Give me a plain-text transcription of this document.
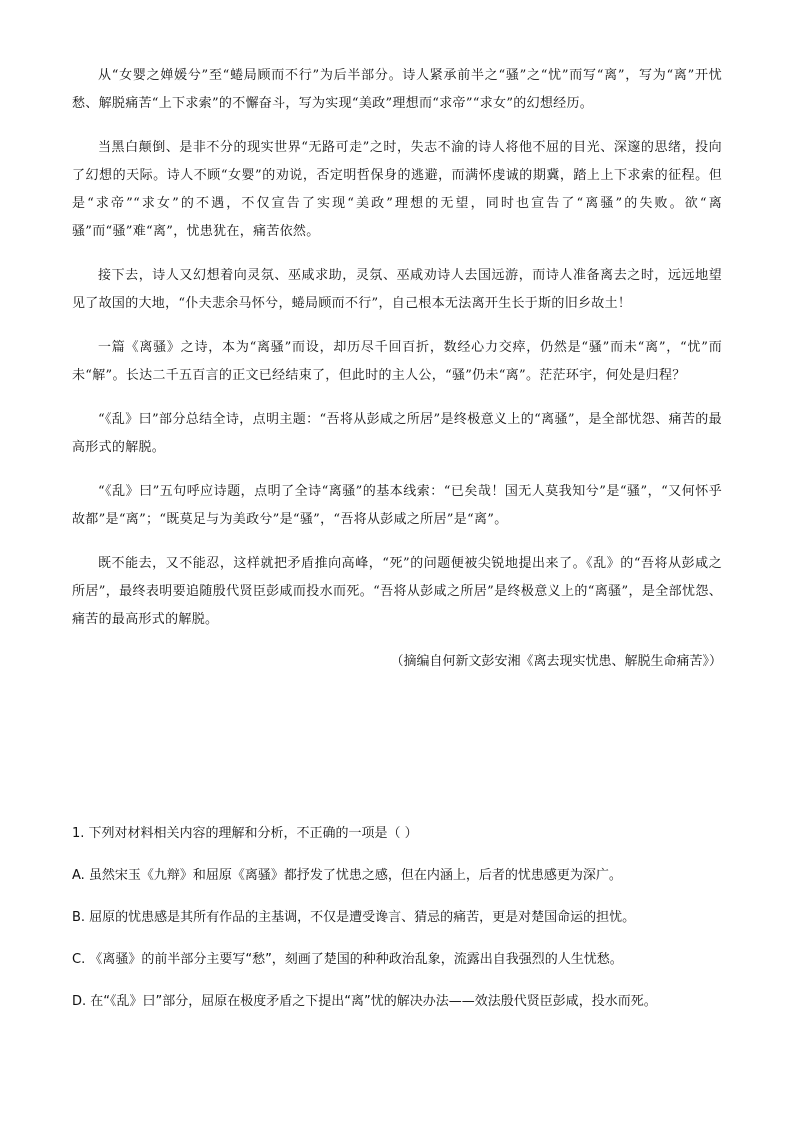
从“女婴之婵媛兮”至“蜷局顾而不行”为后半部分。诗人紧承前半之“骚”之“忧”而写“离”，写为“离”开忧愁、解脱痛苦“上下求索”的不懈奋斗，写为实现“美政”理想而“求帝”“求女”的幻想经历。

当黑白颠倒、是非不分的现实世界“无路可走”之时，失志不渝的诗人将他不屈的目光、深邃的思绪，投向了幻想的天际。诗人不顾“女婴”的劝说，否定明哲保身的逃避，而满怀虔诚的期冀，踏上上下求索的征程。但是“求帝”“求女”的不遇，不仅宣告了实现“美政”理想的无望，同时也宣告了“离骚”的失败。欲“离骚”而“骚”难“离”，忧患犹在，痛苦依然。

接下去，诗人又幻想着向灵氛、巫咸求助，灵氛、巫咸劝诗人去国远游，而诗人准备离去之时，远远地望见了故国的大地，“仆夫悲余马怀兮，蜷局顾而不行”，自己根本无法离开生长于斯的旧乡故土！

一篇《离骚》之诗，本为“离骚”而设，却历尽千回百折，数经心力交瘁，仍然是“骚”而未“离”，“忧”而未“解”。长达二千五百言的正文已经结束了，但此时的主人公，“骚”仍未“离”。茫茫环宇，何处是归程？

“《乱》曰”部分总结全诗，点明主题：“吾将从彭咸之所居”是终极意义上的“离骚”，是全部忧怨、痛苦的最高形式的解脱。

“《乱》曰”五句呼应诗题，点明了全诗“离骚”的基本线索：“已矣哉！国无人莫我知兮”是“骚”，“又何怀乎故都”是“离”；“既莫足与为美政兮”是“骚”，“吾将从彭咸之所居”是“离”。

既不能去，又不能忍，这样就把矛盾推向高峰，“死”的问题便被尖锐地提出来了。《乱》的“吾将从彭咸之所居”，最终表明要追随殷代贤臣彭咸而投水而死。“吾将从彭咸之所居”是终极意义上的“离骚”，是全部忧怨、痛苦的最高形式的解脱。

（摘编自何新文彭安湘《离去现实忧患、解脱生命痛苦》）

1. 下列对材料相关内容的理解和分析，不正确的一项是（ ）

A. 虽然宋玉《九辩》和屈原《离骚》都抒发了忧患之感，但在内涵上，后者的忧患感更为深广。

B. 屈原的忧患感是其所有作品的主基调，不仅是遭受谗言、猜忌的痛苦，更是对楚国命运的担忧。

C. 《离骚》的前半部分主要写“愁”，刻画了楚国的种种政治乱象，流露出自我强烈的人生忧愁。

D. 在“《乱》曰”部分，屈原在极度矛盾之下提出“离”忧的解决办法——效法殷代贤臣彭咸，投水而死。
